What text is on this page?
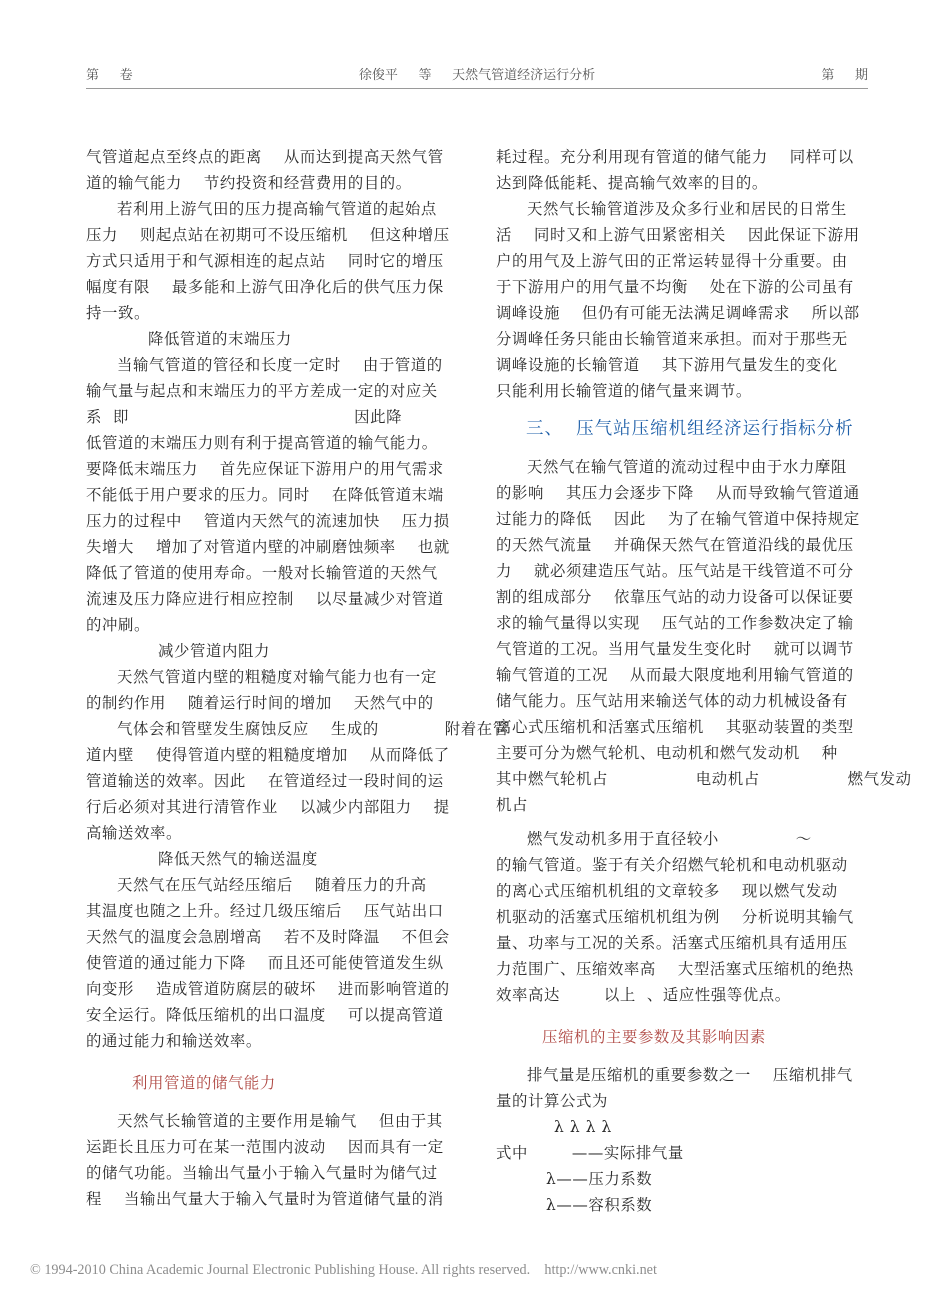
第     卷	徐俊平     等     天然气管道经济运行分析	第     期

气管道起点至终点的距离    从而达到提高天然气管

道的输气能力    节约投资和经营费用的目的。

若利用上游气田的压力提高输气管道的起始点

压力    则起点站在初期可不设压缩机    但这种增压

方式只适用于和气源相连的起点站    同时它的增压

幅度有限    最多能和上游气田净化后的供气压力保

持一致。

降低管道的末端压力

当输气管道的管径和长度一定时    由于管道的

输气量与起点和末端压力的平方差成一定的对应关

系  即                                         因此降

低管道的末端压力则有利于提高管道的输气能力。

要降低末端压力    首先应保证下游用户的用气需求

不能低于用户要求的压力。同时    在降低管道末端

压力的过程中    管道内天然气的流速加快    压力损

失增大    增加了对管道内壁的冲刷磨蚀频率    也就

降低了管道的使用寿命。一般对长输管道的天然气

流速及压力降应进行相应控制    以尽量减少对管道

的冲刷。

减少管道内阻力

天然气管道内壁的粗糙度对输气能力也有一定

的制约作用    随着运行时间的增加    天然气中的

气体会和管壁发生腐蚀反应    生成的            附着在管

道内壁    使得管道内壁的粗糙度增加    从而降低了

管道输送的效率。因此    在管道经过一段时间的运

行后必须对其进行清管作业    以减少内部阻力    提

高输送效率。

降低天然气的输送温度

天然气在压气站经压缩后    随着压力的升高

其温度也随之上升。经过几级压缩后    压气站出口

天然气的温度会急剧增高    若不及时降温    不但会

使管道的通过能力下降    而且还可能使管道发生纵

向变形    造成管道防腐层的破坏    进而影响管道的

安全运行。降低压缩机的出口温度    可以提高管道

的通过能力和输送效率。

利用管道的储气能力

天然气长输管道的主要作用是输气    但由于其

运距长且压力可在某一范围内波动    因而具有一定

的储气功能。当输出气量小于输入气量时为储气过

程    当输出气量大于输入气量时为管道储气量的消

耗过程。充分利用现有管道的储气能力    同样可以

达到降低能耗、提高输气效率的目的。

天然气长输管道涉及众多行业和居民的日常生

活    同时又和上游气田紧密相关    因此保证下游用

户的用气及上游气田的正常运转显得十分重要。由

于下游用户的用气量不均衡    处在下游的公司虽有

调峰设施    但仍有可能无法满足调峰需求    所以部

分调峰任务只能由长输管道来承担。而对于那些无

调峰设施的长输管道    其下游用气量发生的变化

只能利用长输管道的储气量来调节。

三、  压气站压缩机组经济运行指标分析

天然气在输气管道的流动过程中由于水力摩阻

的影响    其压力会逐步下降    从而导致输气管道通

过能力的降低    因此    为了在输气管道中保持规定

的天然气流量    并确保天然气在管道沿线的最优压

力    就必须建造压气站。压气站是干线管道不可分

割的组成部分    依靠压气站的动力设备可以保证要

求的输气量得以实现    压气站的工作参数决定了输

气管道的工况。当用气量发生变化时    就可以调节

输气管道的工况    从而最大限度地利用输气管道的

储气能力。压气站用来输送气体的动力机械设备有

离心式压缩机和活塞式压缩机    其驱动装置的类型

主要可分为燃气轮机、电动机和燃气发动机    种

其中燃气轮机占                电动机占                燃气发动

机占

燃气发动机多用于直径较小              ～

的输气管道。鉴于有关介绍燃气轮机和电动机驱动

的离心式压缩机机组的文章较多    现以燃气发动

机驱动的活塞式压缩机机组为例    分析说明其输气

量、功率与工况的关系。活塞式压缩机具有适用压

力范围广、压缩效率高    大型活塞式压缩机的绝热

效率高达        以上  、适应性强等优点。

压缩机的主要参数及其影响因素

排气量是压缩机的重要参数之一    压缩机排气

量的计算公式为

λ λ λ λ

式中        ——实际排气量

λ——压力系数

λ——容积系数

© 1994-2010 China Academic Journal Electronic Publishing House. All rights reserved.    http://www.cnki.net
